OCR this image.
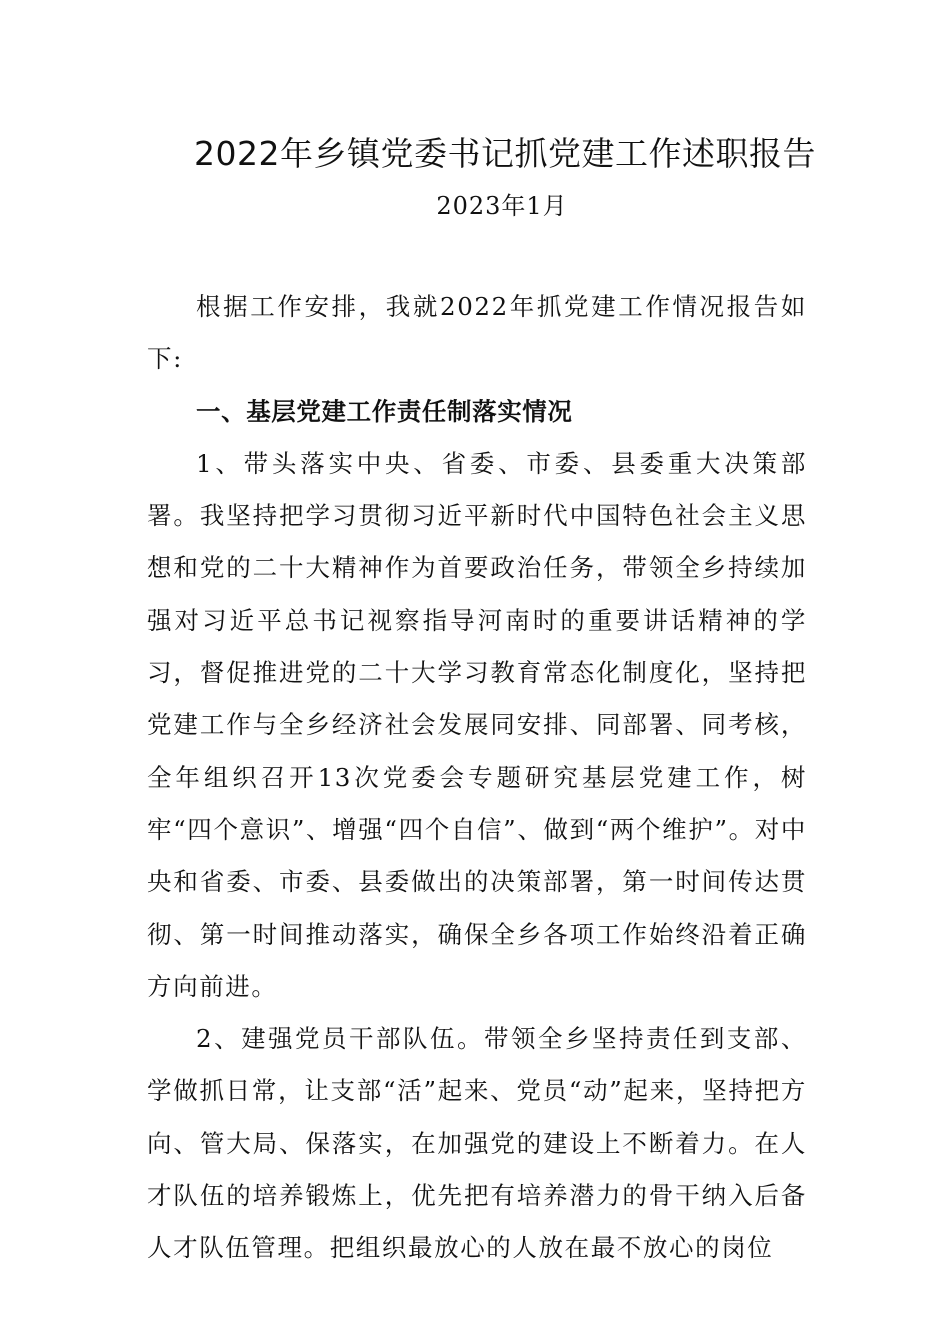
2022年乡镇党委书记抓党建工作述职报告
2023年1月

根据工作安排，我就2022年抓党建工作情况报告如下:

一、基层党建工作责任制落实情况

1、带头落实中央、省委、市委、县委重大决策部署。我坚持把学习贯彻习近平新时代中国特色社会主义思想和党的二十大精神作为首要政治任务，带领全乡持续加强对习近平总书记视察指导河南时的重要讲话精神的学习，督促推进党的二十大学习教育常态化制度化，坚持把党建工作与全乡经济社会发展同安排、同部署、同考核，全年组织召开13次党委会专题研究基层党建工作，树牢“四个意识”、增强“四个自信”、做到“两个维护”。对中央和省委、市委、县委做出的决策部署，第一时间传达贯彻、第一时间推动落实，确保全乡各项工作始终沿着正确方向前进。

2、建强党员干部队伍。带领全乡坚持责任到支部、学做抓日常，让支部“活”起来、党员“动”起来，坚持把方向、管大局、保落实，在加强党的建设上不断着力。在人才队伍的培养锻炼上，优先把有培养潜力的骨干纳入后备人才队伍管理。把组织最放心的人放在最不放心的岗位
